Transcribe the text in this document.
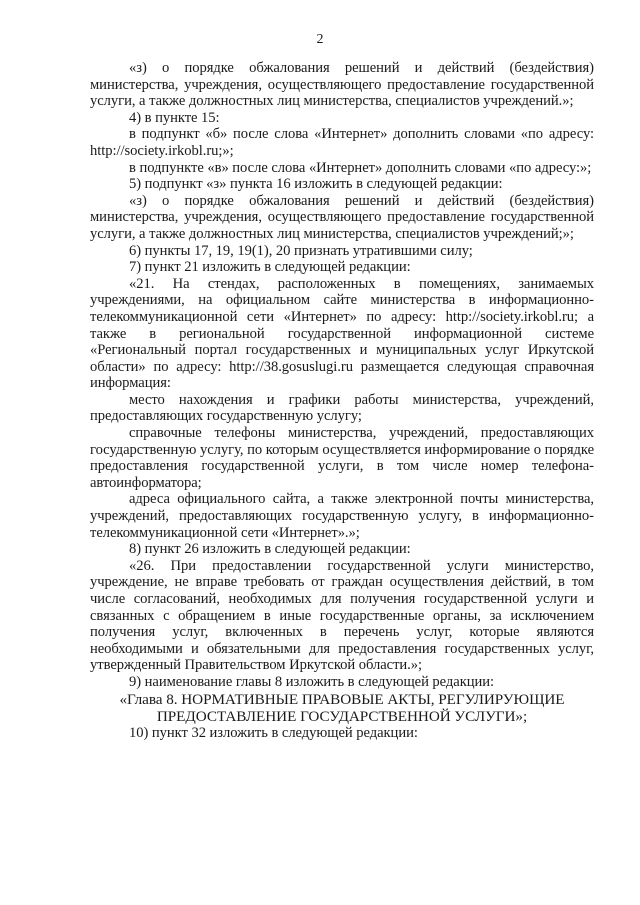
2

«з) о порядке обжалования решений и действий (бездействия) министерства, учреждения, осуществляющего предоставление государственной услуги, а также должностных лиц министерства, специалистов учреждений.»;

4) в пункте 15:

в подпункт «б» после слова «Интернет» дополнить словами «по адресу: http://society.irkobl.ru;»;

в подпункте «в» после слова «Интернет» дополнить словами «по адресу:»;

5) подпункт «з» пункта 16 изложить в следующей редакции:

«з) о порядке обжалования решений и действий (бездействия) министерства, учреждения, осуществляющего предоставление государственной услуги, а также должностных лиц министерства, специалистов учреждений;»;

6) пункты 17, 19, 19(1), 20 признать утратившими силу;

7) пункт 21 изложить в следующей редакции:

«21. На стендах, расположенных в помещениях, занимаемых учреждениями, на официальном сайте министерства в информационно-телекоммуникационной сети «Интернет» по адресу: http://society.irkobl.ru; а также в региональной государственной информационной системе «Региональный портал государственных и муниципальных услуг Иркутской области» по адресу: http://38.gosuslugi.ru размещается следующая справочная информация:

место нахождения и графики работы министерства, учреждений, предоставляющих государственную услугу;

справочные телефоны министерства, учреждений, предоставляющих государственную услугу, по которым осуществляется информирование о порядке предоставления государственной услуги, в том числе номер телефона-автоинформатора;

адреса официального сайта, а также электронной почты министерства, учреждений, предоставляющих государственную услугу, в информационно-телекоммуникационной сети «Интернет».»;

8) пункт 26 изложить в следующей редакции:

«26. При предоставлении государственной услуги министерство, учреждение, не вправе требовать от граждан осуществления действий, в том числе согласований, необходимых для получения государственной услуги и связанных с обращением в иные государственные органы, за исключением получения услуг, включенных в перечень услуг, которые являются необходимыми и обязательными для предоставления государственных услуг, утвержденный Правительством Иркутской области.»;

9) наименование главы 8 изложить в следующей редакции:

«Глава 8. НОРМАТИВНЫЕ ПРАВОВЫЕ АКТЫ, РЕГУЛИРУЮЩИЕ ПРЕДОСТАВЛЕНИЕ ГОСУДАРСТВЕННОЙ УСЛУГИ»;

10) пункт 32 изложить в следующей редакции:
